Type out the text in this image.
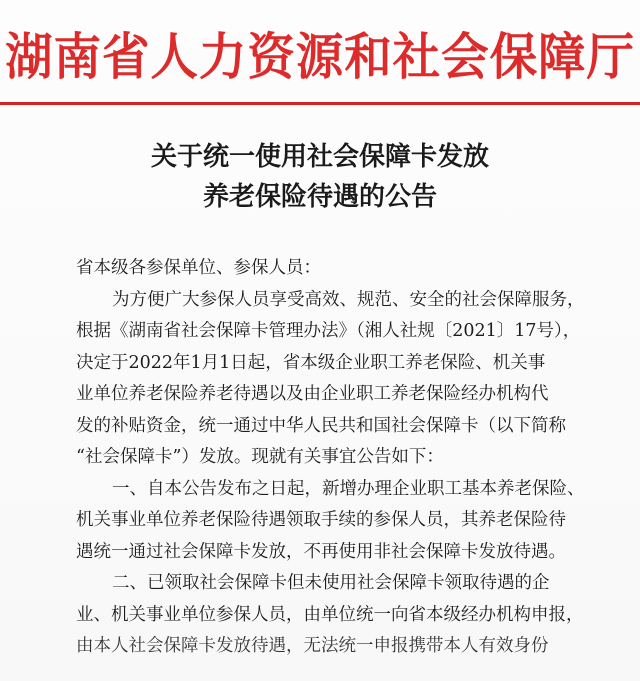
湖南省人力资源和社会保障厅
关于统一使用社会保障卡发放
养老保险待遇的公告
省本级各参保单位、参保人员：
为方便广大参保人员享受高效、规范、安全的社会保障服务，
根据《湖南省社会保障卡管理办法》（湘人社规〔2021〕17号），
决定于2022年1月1日起，省本级企业职工养老保险、机关事
业单位养老保险养老待遇以及由企业职工养老保险经办机构代
发的补贴资金，统一通过中华人民共和国社会保障卡（以下简称
“社会保障卡”）发放。现就有关事宜公告如下：
一、自本公告发布之日起，新增办理企业职工基本养老保险、
机关事业单位养老保险待遇领取手续的参保人员，其养老保险待
遇统一通过社会保障卡发放，不再使用非社会保障卡发放待遇。
二、已领取社会保障卡但未使用社会保障卡领取待遇的企
业、机关事业单位参保人员，由单位统一向省本级经办机构申报，
由本人社会保障卡发放待遇，无法统一申报携带本人有效身份
